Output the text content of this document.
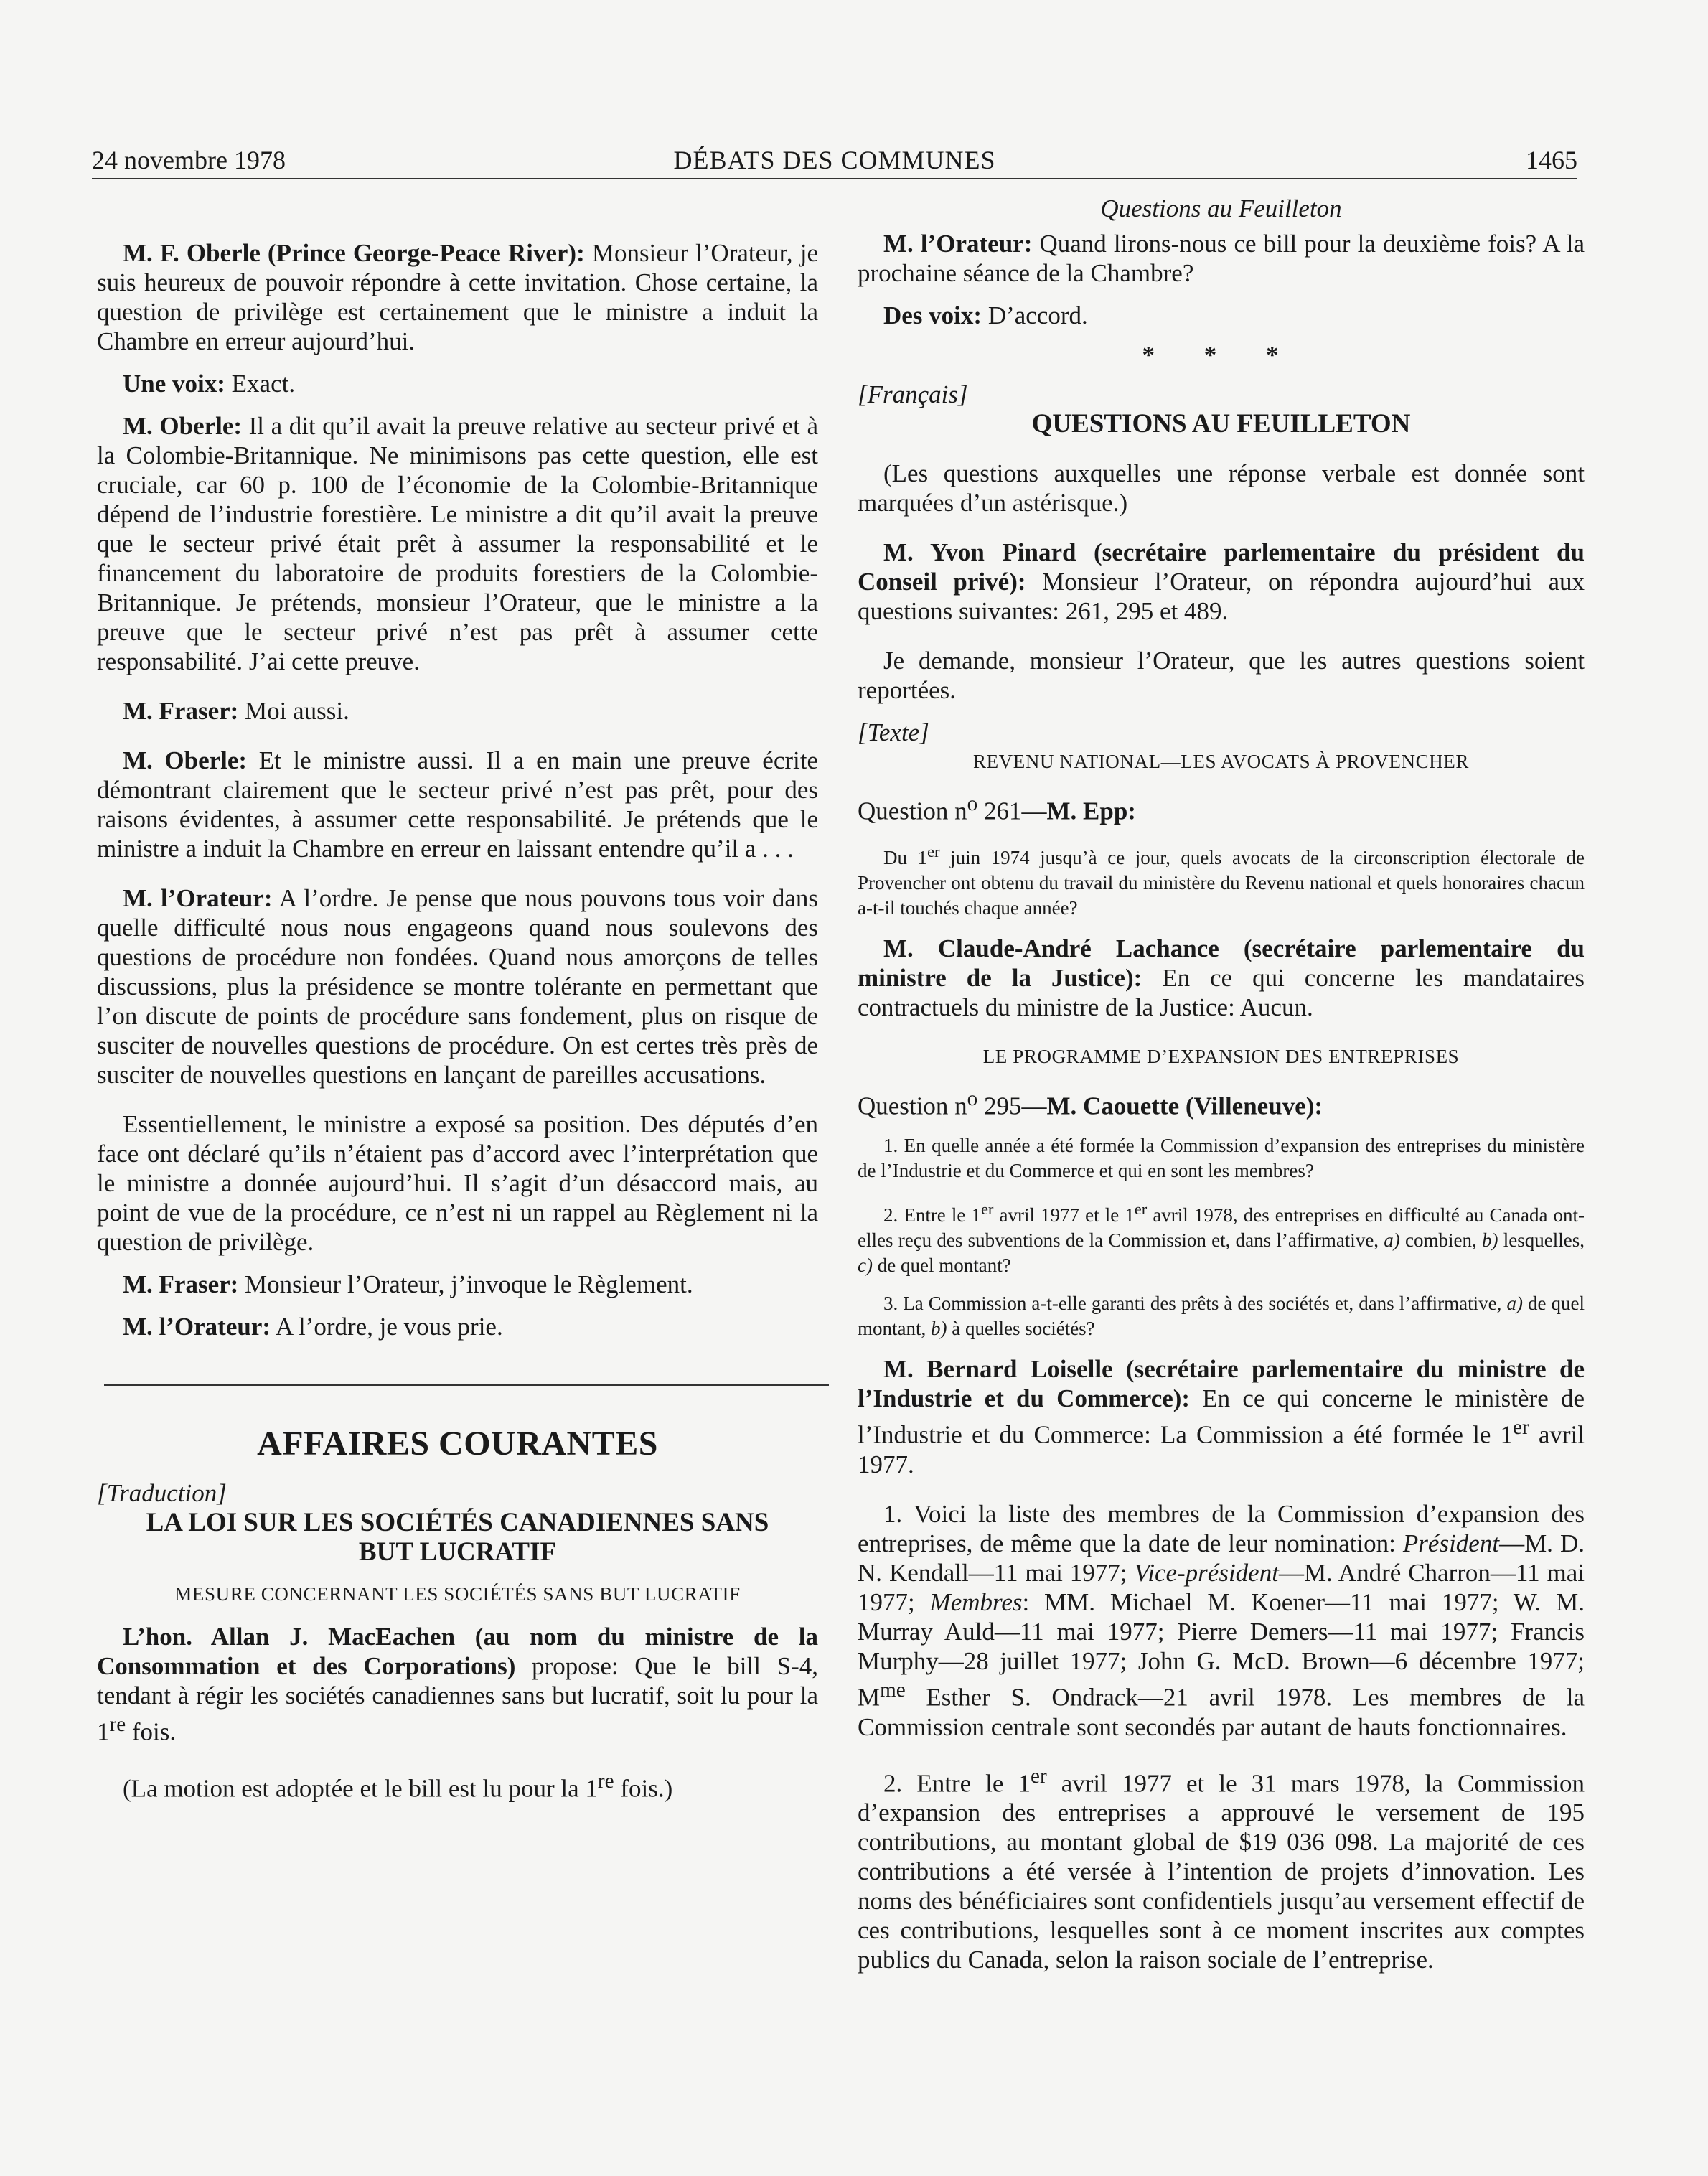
24 novembre 1978	DÉBATS DES COMMUNES	1465

M. F. Oberle (Prince George-Peace River): Monsieur l’Orateur, je suis heureux de pouvoir répondre à cette invitation. Chose certaine, la question de privilège est certainement que le ministre a induit la Chambre en erreur aujourd’hui.

Une voix: Exact.

M. Oberle: Il a dit qu’il avait la preuve relative au secteur privé et à la Colombie-Britannique. Ne minimisons pas cette question, elle est cruciale, car 60 p. 100 de l’économie de la Colombie-Britannique dépend de l’industrie forestière. Le ministre a dit qu’il avait la preuve que le secteur privé était prêt à assumer la responsabilité et le financement du laboratoire de produits forestiers de la Colombie-Britannique. Je prétends, monsieur l’Orateur, que le ministre a la preuve que le secteur privé n’est pas prêt à assumer cette responsabilité. J’ai cette preuve.

M. Fraser: Moi aussi.

M. Oberle: Et le ministre aussi. Il a en main une preuve écrite démontrant clairement que le secteur privé n’est pas prêt, pour des raisons évidentes, à assumer cette responsabilité. Je prétends que le ministre a induit la Chambre en erreur en laissant entendre qu’il a . . .

M. l’Orateur: A l’ordre. Je pense que nous pouvons tous voir dans quelle difficulté nous nous engageons quand nous soulevons des questions de procédure non fondées. Quand nous amorçons de telles discussions, plus la présidence se montre tolérante en permettant que l’on discute de points de procédure sans fondement, plus on risque de susciter de nouvelles questions de procédure. On est certes très près de susciter de nouvelles questions en lançant de pareilles accusations.

Essentiellement, le ministre a exposé sa position. Des députés d’en face ont déclaré qu’ils n’étaient pas d’accord avec l’interprétation que le ministre a donnée aujourd’hui. Il s’agit d’un désaccord mais, au point de vue de la procédure, ce n’est ni un rappel au Règlement ni la question de privilège.

M. Fraser: Monsieur l’Orateur, j’invoque le Règlement.

M. l’Orateur: A l’ordre, je vous prie.

AFFAIRES COURANTES

[Traduction]

LA LOI SUR LES SOCIÉTÉS CANADIENNES SANS BUT LUCRATIF
MESURE CONCERNANT LES SOCIÉTÉS SANS BUT LUCRATIF

L’hon. Allan J. MacEachen (au nom du ministre de la Consommation et des Corporations) propose: Que le bill S-4, tendant à régir les sociétés canadiennes sans but lucratif, soit lu pour la 1re fois.

(La motion est adoptée et le bill est lu pour la 1re fois.)

Questions au Feuilleton

M. l’Orateur: Quand lirons-nous ce bill pour la deuxième fois? A la prochaine séance de la Chambre?

Des voix: D’accord.

* * *

[Français]

QUESTIONS AU FEUILLETON

(Les questions auxquelles une réponse verbale est donnée sont marquées d’un astérisque.)

M. Yvon Pinard (secrétaire parlementaire du président du Conseil privé): Monsieur l’Orateur, on répondra aujourd’hui aux questions suivantes: 261, 295 et 489.

Je demande, monsieur l’Orateur, que les autres questions soient reportées.

[Texte]

REVENU NATIONAL—LES AVOCATS À PROVENCHER

Question $n^o$ 261—M. Epp:

Du 1er juin 1974 jusqu’à ce jour, quels avocats de la circonscription électorale de Provencher ont obtenu du travail du ministère du Revenu national et quels honoraires chacun a-t-il touchés chaque année?

M. Claude-André Lachance (secrétaire parlementaire du ministre de la Justice): En ce qui concerne les mandataires contractuels du ministre de la Justice: Aucun.

LE PROGRAMME D’EXPANSION DES ENTREPRISES

Question $n^o$ 295—M. Caouette (Villeneuve):

1. En quelle année a été formée la Commission d’expansion des entreprises du ministère de l’Industrie et du Commerce et qui en sont les membres?

2. Entre le 1er avril 1977 et le 1er avril 1978, des entreprises en difficulté au Canada ont-elles reçu des subventions de la Commission et, dans l’affirmative, a) combien, b) lesquelles, c) de quel montant?

3. La Commission a-t-elle garanti des prêts à des sociétés et, dans l’affirmative, a) de quel montant, b) à quelles sociétés?

M. Bernard Loiselle (secrétaire parlementaire du ministre de l’Industrie et du Commerce): En ce qui concerne le ministère de l’Industrie et du Commerce: La Commission a été formée le 1er avril 1977.

1. Voici la liste des membres de la Commission d’expansion des entreprises, de même que la date de leur nomination: Président—M. D. N. Kendall—11 mai 1977; Vice-président—M. André Charron—11 mai 1977; Membres: MM. Michael M. Koener—11 mai 1977; W. M. Murray Auld—11 mai 1977; Pierre Demers—11 mai 1977; Francis Murphy—28 juillet 1977; John G. McD. Brown—6 décembre 1977; $M^{me}$ Esther S. Ondrack—21 avril 1978. Les membres de la Commission centrale sont secondés par autant de hauts fonctionnaires.

2. Entre le 1er avril 1977 et le 31 mars 1978, la Commission d’expansion des entreprises a approuvé le versement de 195 contributions, au montant global de $19 036 098. La majorité de ces contributions a été versée à l’intention de projets d’innovation. Les noms des bénéficiaires sont confidentiels jusqu’au versement effectif de ces contributions, lesquelles sont à ce moment inscrites aux comptes publics du Canada, selon la raison sociale de l’entreprise.
